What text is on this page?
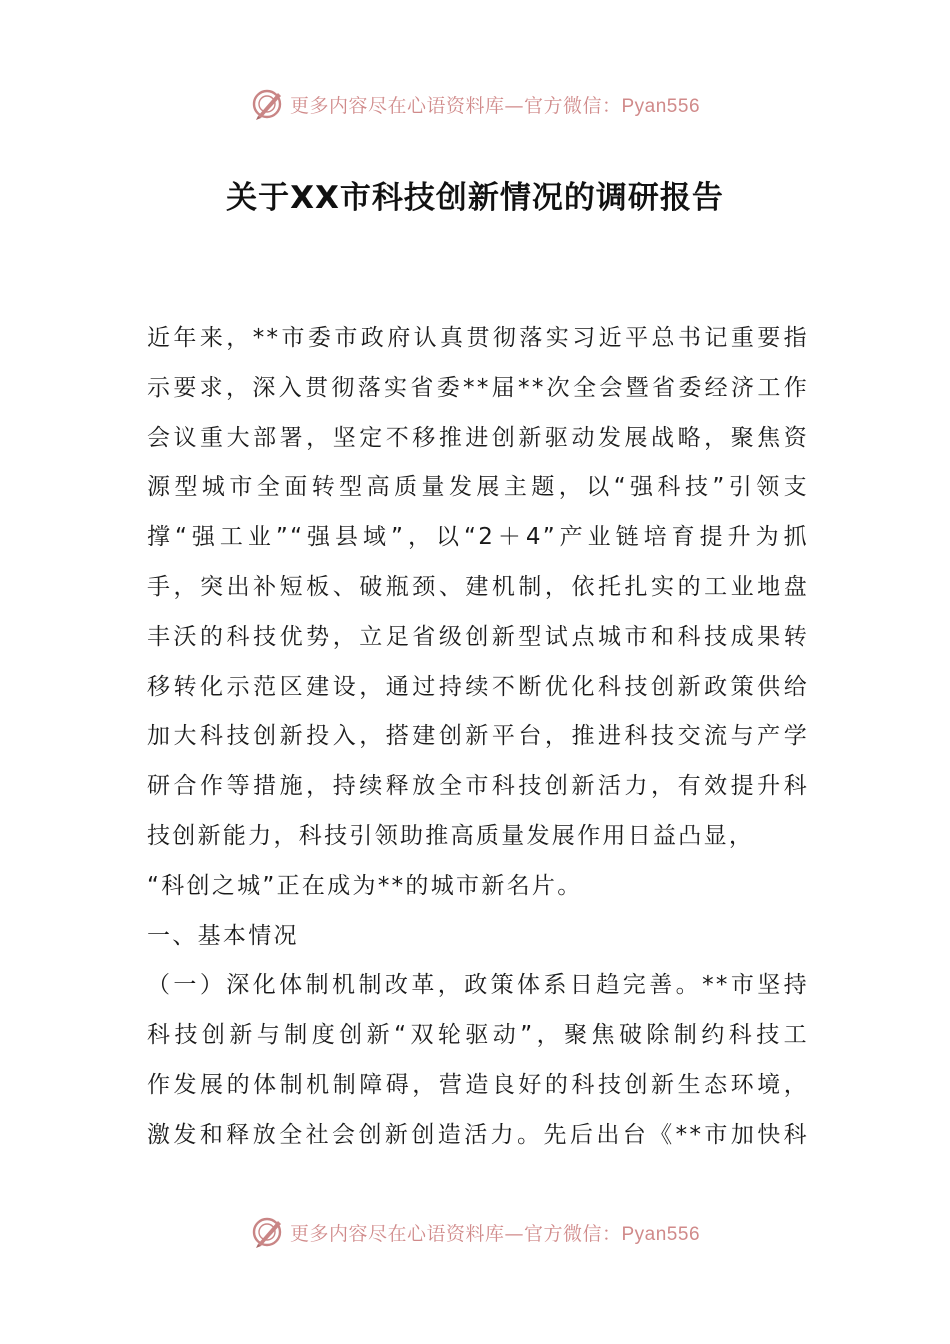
更多内容尽在心语资料库—官方微信：Pyan556
关于XX市科技创新情况的调研报告
近年来，**市委市政府认真贯彻落实习近平总书记重要指
示要求，深入贯彻落实省委**届**次全会暨省委经济工作
会议重大部署，坚定不移推进创新驱动发展战略，聚焦资
源型城市全面转型高质量发展主题，以“强科技”引领支
撑“强工业”“强县域”，以“2＋4”产业链培育提升为抓
手，突出补短板、破瓶颈、建机制，依托扎实的工业地盘
丰沃的科技优势，立足省级创新型试点城市和科技成果转
移转化示范区建设，通过持续不断优化科技创新政策供给
加大科技创新投入，搭建创新平台，推进科技交流与产学
研合作等措施，持续释放全市科技创新活力，有效提升科
技创新能力，科技引领助推高质量发展作用日益凸显，
“科创之城”正在成为**的城市新名片。
一、基本情况
（一）深化体制机制改革，政策体系日趋完善。**市坚持
科技创新与制度创新“双轮驱动”，聚焦破除制约科技工
作发展的体制机制障碍，营造良好的科技创新生态环境，
激发和释放全社会创新创造活力。先后出台《**市加快科
更多内容尽在心语资料库—官方微信：Pyan556
